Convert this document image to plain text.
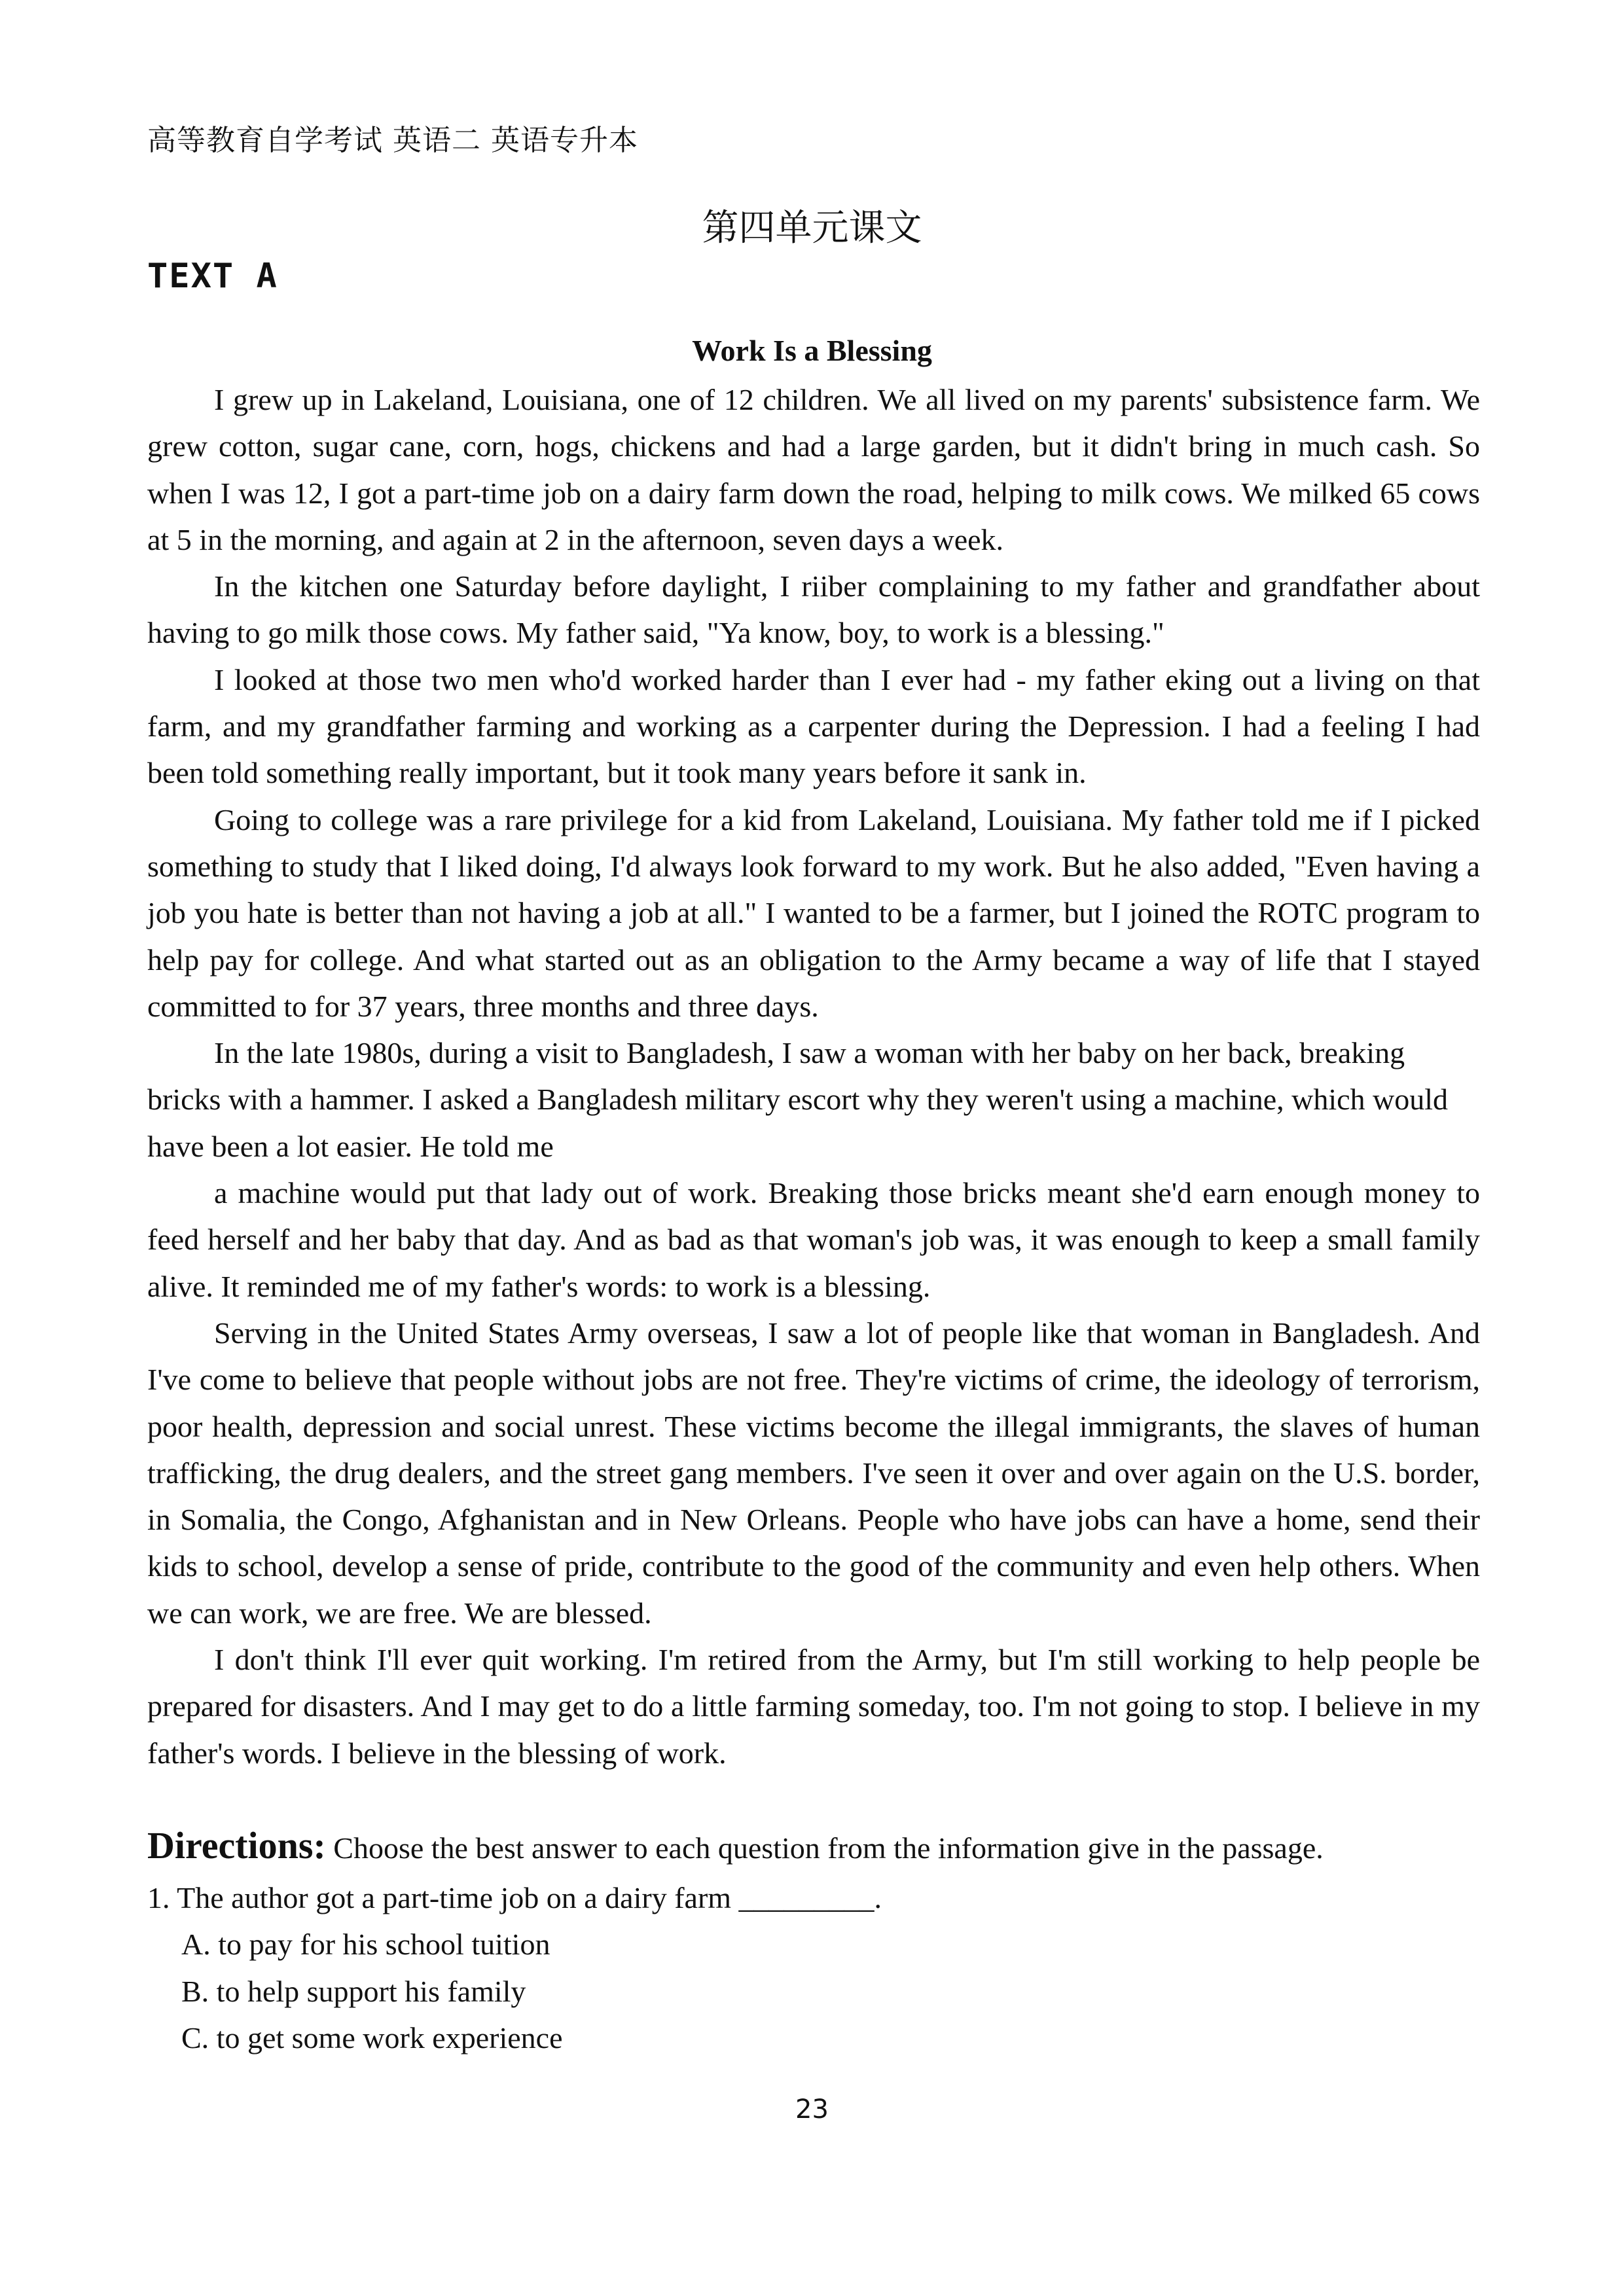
高等教育自学考试 英语二 英语专升本
第四单元课文
TEXT A
Work Is a Blessing

I grew up in Lakeland, Louisiana, one of 12 children. We all lived on my parents' subsistence farm. We grew cotton, sugar cane, corn, hogs, chickens and had a large garden, but it didn't bring in much cash. So when I was 12, I got a part-time job on a dairy farm down the road, helping to milk cows. We milked 65 cows at 5 in the morning, and again at 2 in the afternoon, seven days a week.

In the kitchen one Saturday before daylight, I riiber complaining to my father and grandfather about having to go milk those cows. My father said, "Ya know, boy, to work is a blessing."

I looked at those two men who'd worked harder than I ever had - my father eking out a living on that farm, and my grandfather farming and working as a carpenter during the Depression. I had a feeling I had been told something really important, but it took many years before it sank in.

Going to college was a rare privilege for a kid from Lakeland, Louisiana. My father told me if I picked something to study that I liked doing, I'd always look forward to my work. But he also added, "Even having a job you hate is better than not having a job at all." I wanted to be a farmer, but I joined the ROTC program to help pay for college. And what started out as an obligation to the Army became a way of life that I stayed committed to for 37 years, three months and three days.

In the late 1980s, during a visit to Bangladesh, I saw a woman with her baby on her back, breaking bricks with a hammer. I asked a Bangladesh military escort why they weren't using a machine, which would have been a lot easier. He told me

a machine would put that lady out of work. Breaking those bricks meant she'd earn enough money to feed herself and her baby that day. And as bad as that woman's job was, it was enough to keep a small family alive. It reminded me of my father's words: to work is a blessing.

Serving in the United States Army overseas, I saw a lot of people like that woman in Bangladesh. And I've come to believe that people without jobs are not free. They're victims of crime, the ideology of terrorism, poor health, depression and social unrest. These victims become the illegal immigrants, the slaves of human trafficking, the drug dealers, and the street gang members. I've seen it over and over again on the U.S. border, in Somalia, the Congo, Afghanistan and in New Orleans. People who have jobs can have a home, send their kids to school, develop a sense of pride, contribute to the good of the community and even help others. When we can work, we are free. We are blessed.

I don't think I'll ever quit working. I'm retired from the Army, but I'm still working to help people be prepared for disasters. And I may get to do a little farming someday, too. I'm not going to stop. I believe in my father's words. I believe in the blessing of work.

Directions: Choose the best answer to each question from the information give in the passage.
1. The author got a part-time job on a dairy farm _________.
A. to pay for his school tuition
B. to help support his family
C. to get some work experience
23
